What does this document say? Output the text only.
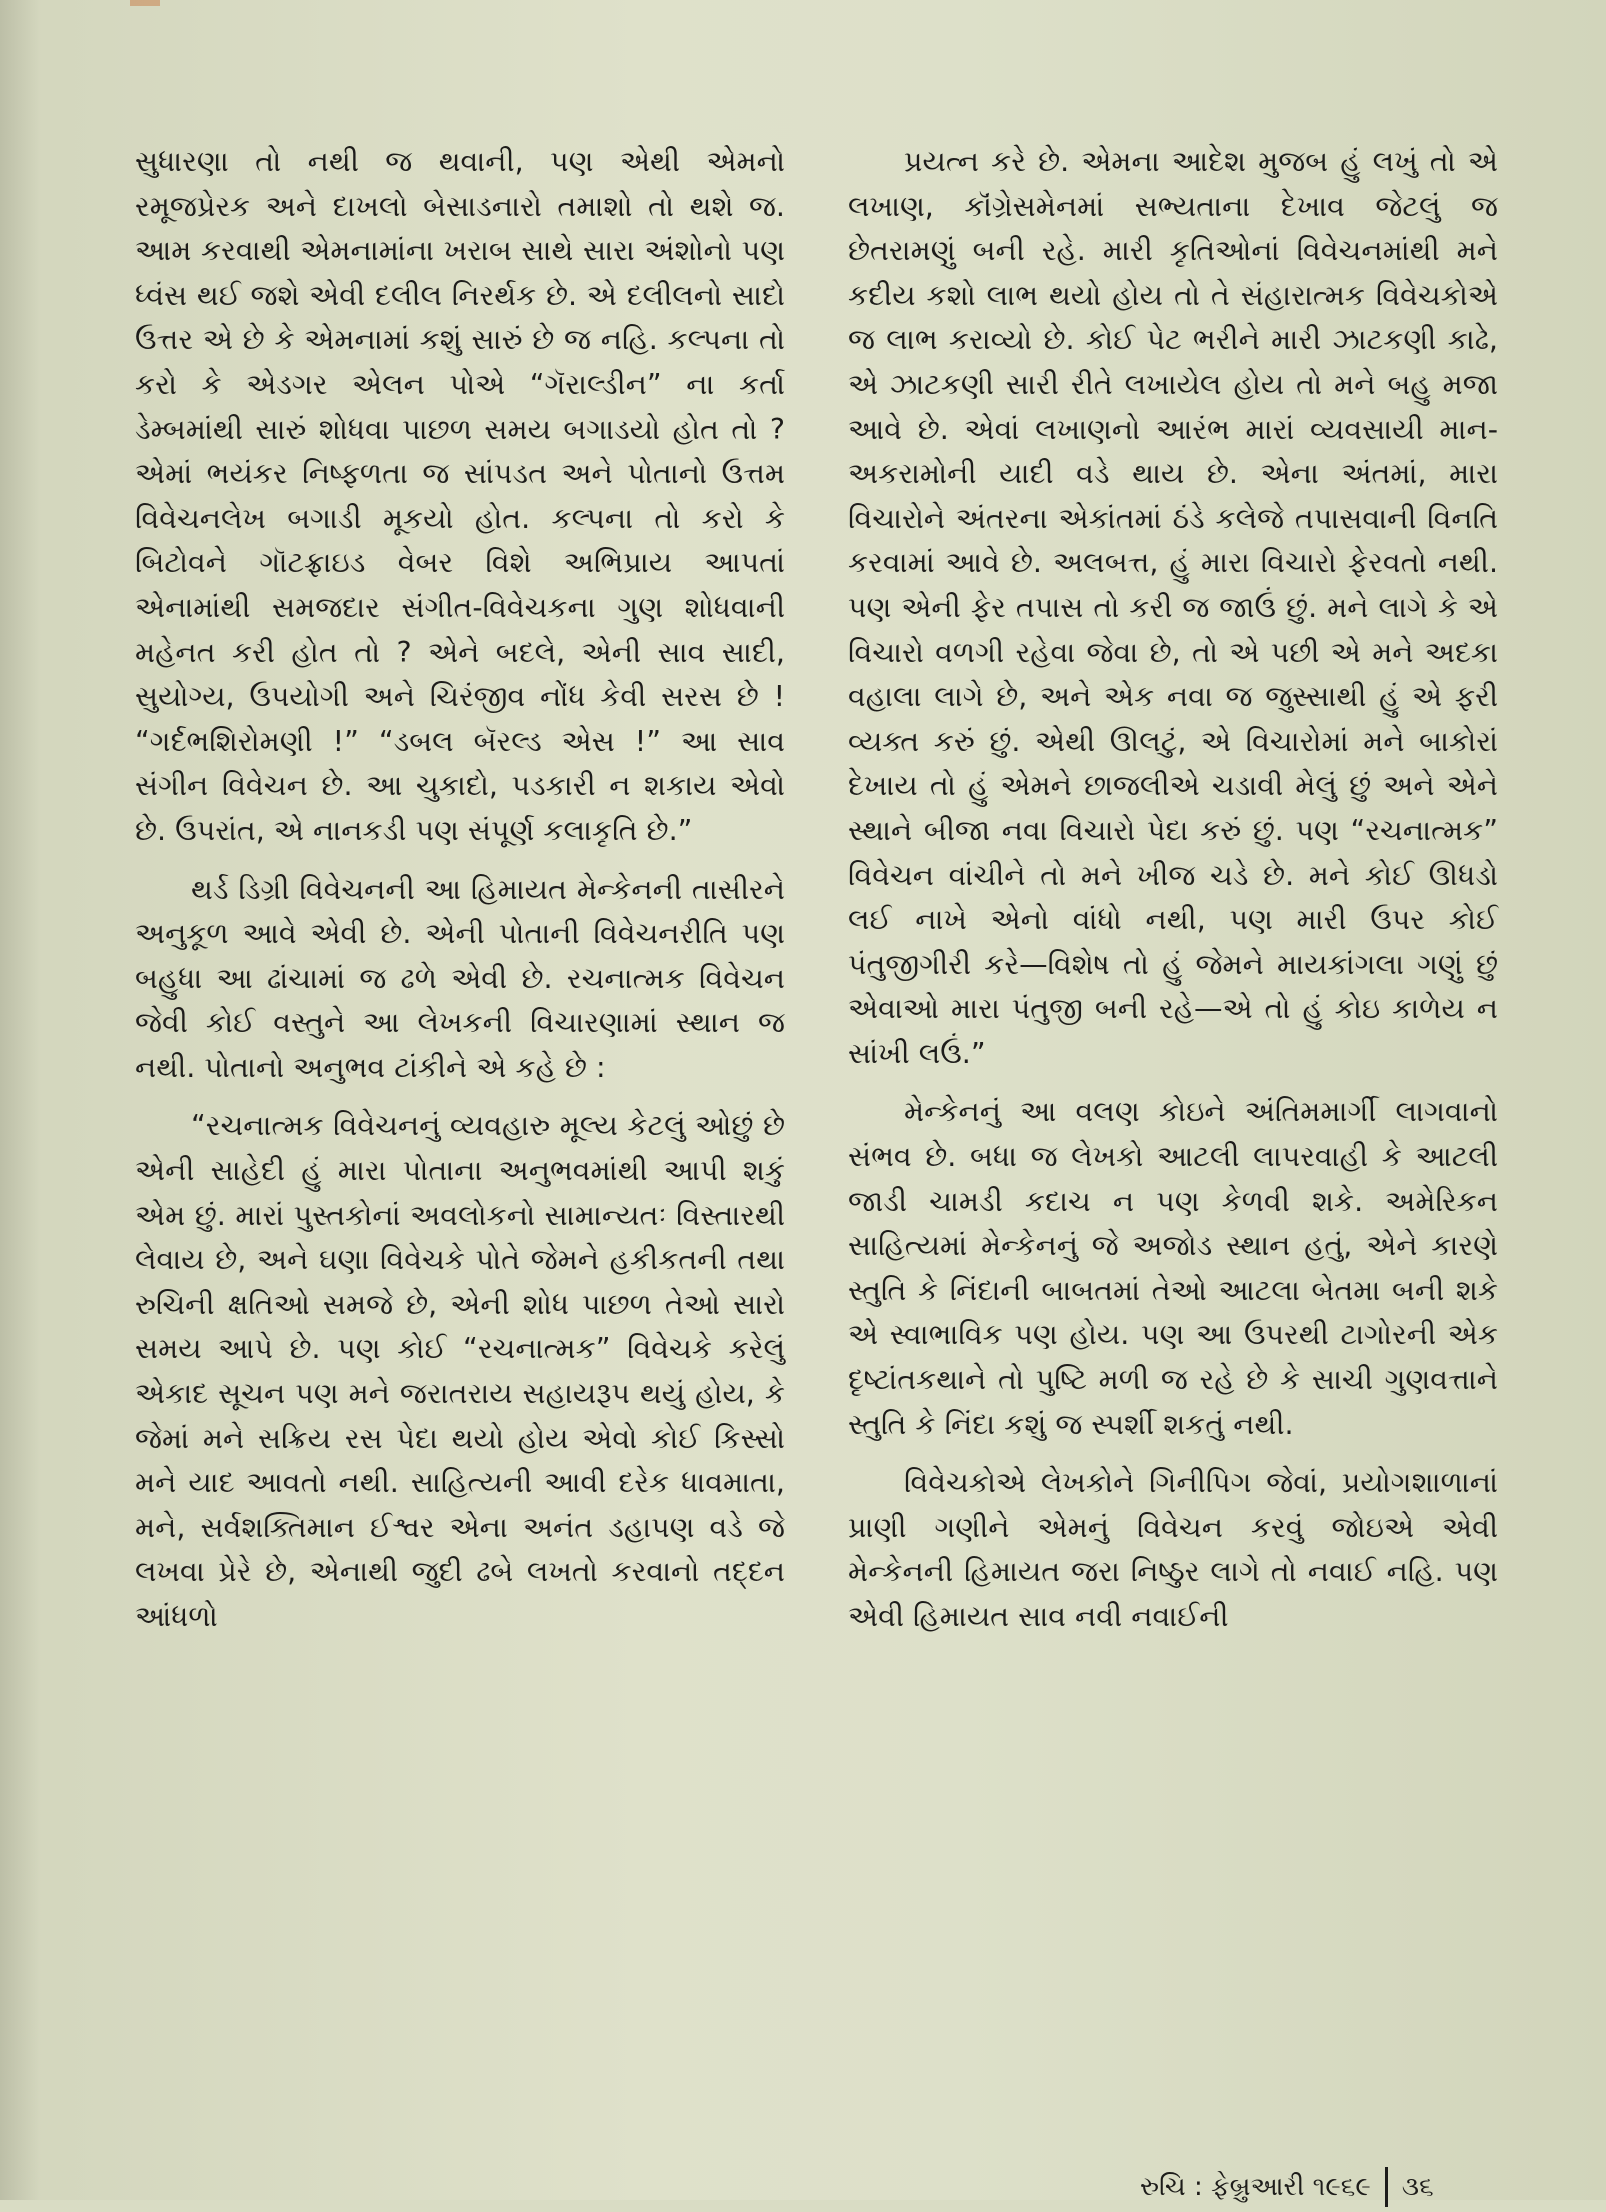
સુધારણા તો નથી જ થવાની, પણ એથી એમનો રમૂજપ્રેરક અને દાખલો બેસાડનારો તમાશો તો થશે જ. આમ કરવાથી એમનામાંના ખરાબ સાથે સારા અંશોનો પણ ધ્વંસ થઈ જશે એવી દલીલ નિરર્થક છે. એ દલીલનો સાદો ઉત્તર એ છે કે એમનામાં કશું સારું છે જ નહિ. કલ્પના તો કરો કે એડગર એલન પોએ “ગૅરાલ્ડીન” ના કર્તા ડેમ્બમાંથી સારું શોધવા પાછળ સમય બગાડયો હોત તો ? એમાં ભયંકર નિષ્ફળતા જ સાંપડત અને પોતાનો ઉત્તમ વિવેચનલેખ બગાડી મૂકયો હોત. કલ્પના તો કરો કે બિટોવને ગૉટફ્રાઇડ વેબર વિશે અભિપ્રાય આપતાં એનામાંથી સમજદાર સંગીત-વિવેચકના ગુણ શોધવાની મહેનત કરી હોત તો ? એને બદલે, એની સાવ સાદી, સુયોગ્ય, ઉપયોગી અને ચિરંજીવ નોંધ કેવી સરસ છે ! “ગર્દભશિરોમણી !” “ડબલ બૅરલ્ડ એસ !” આ સાવ સંગીન વિવેચન છે. આ ચુકાદો, પડકારી ન શકાય એવો છે. ઉપરાંત, એ નાનકડી પણ સંપૂર્ણ કલાકૃતિ છે.”

થર્ડ ડિગ્રી વિવેચનની આ હિમાયત મેન્કેનની તાસીરને અનુકૂળ આવે એવી છે. એની પોતાની વિવેચનરીતિ પણ બહુધા આ ઢાંચામાં જ ઢળે એવી છે. રચનાત્મક વિવેચન જેવી કોઈ વસ્તુને આ લેખકની વિચારણામાં સ્થાન જ નથી. પોતાનો અનુભવ ટાંકીને એ કહે છે :

“રચનાત્મક વિવેચનનું વ્યવહારુ મૂલ્ય કેટલું ઓછું છે એની સાહેદી હું મારા પોતાના અનુભવમાંથી આપી શકું એમ છું. મારાં પુસ્તકોનાં અવલોકનો સામાન્યતઃ વિસ્તારથી લેવાય છે, અને ઘણા વિવેચકે પોતે જેમને હકીકતની તથા રુચિની ક્ષતિઓ સમજે છે, એની શોધ પાછળ તેઓ સારો સમય આપે છે. પણ કોઈ “રચનાત્મક” વિવેચકે કરેલું એકાદ સૂચન પણ મને જરાતરાય સહાયરૂપ થયું હોય, કે જેમાં મને સક્રિય રસ પેદા થયો હોય એવો કોઈ કિસ્સો મને યાદ આવતો નથી. સાહિત્યની આવી દરેક ધાવમાતા, મને, સર્વશક્તિમાન ઈશ્વર એના અનંત ડહાપણ વડે જે લખવા પ્રેરે છે, એનાથી જુદી ઢબે લખતો કરવાનો તદ્દન આંધળો

પ્રયત્ન કરે છે. એમના આદેશ મુજબ હું લખું તો એ લખાણ, કૉંગ્રેસમેનમાં સભ્યતાના દેખાવ જેટલું જ છેતરામણું બની રહે. મારી કૃતિઓનાં વિવેચનમાંથી મને કદીય કશો લાભ થયો હોય તો તે સંહારાત્મક વિવેચકોએ જ લાભ કરાવ્યો છે. કોઈ પેટ ભરીને મારી ઝાટકણી કાઢે, એ ઝાટકણી સારી રીતે લખાયેલ હોય તો મને બહુ મજા આવે છે. એવાં લખાણનો આરંભ મારાં વ્યવસાયી માન-અકરામોની યાદી વડે થાય છે. એના અંતમાં, મારા વિચારોને અંતરના એકાંતમાં ઠંડે કલેજે તપાસવાની વિનતિ કરવામાં આવે છે. અલબત્ત, હું મારા વિચારો ફેરવતો નથી. પણ એની ફેર તપાસ તો કરી જ જાઉં છું. મને લાગે કે એ વિચારો વળગી રહેવા જેવા છે, તો એ પછી એ મને અદકા વહાલા લાગે છે, અને એક નવા જ જુસ્સાથી હું એ ફરી વ્યક્ત કરું છું. એથી ઊલટું, એ વિચારોમાં મને બાકોરાં દેખાય તો હું એમને છાજલીએ ચડાવી મેલું છું અને એને સ્થાને બીજા નવા વિચારો પેદા કરું છું. પણ “રચનાત્મક” વિવેચન વાંચીને તો મને ખીજ ચડે છે. મને કોઈ ઊધડો લઈ નાખે એનો વાંધો નથી, પણ મારી ઉપર કોઈ પંતુજીગીરી કરે—વિશેષ તો હું જેમને માયકાંગલા ગણું છું એવાઓ મારા પંતુજી બની રહે—એ તો હું કોઇ કાળેય ન સાંખી લઉં.”

મેન્કેનનું આ વલણ કોઇને અંતિમમાર્ગી લાગવાનો સંભવ છે. બધા જ લેખકો આટલી લાપરવાહી કે આટલી જાડી ચામડી કદાચ ન પણ કેળવી શકે. અમેરિકન સાહિત્યમાં મેન્કેનનું જે અજોડ સ્થાન હતું, એને કારણે સ્તુતિ કે નિંદાની બાબતમાં તેઓ આટલા બેતમા બની શકે એ સ્વાભાવિક પણ હોય. પણ આ ઉપરથી ટાગોરની એક દૃષ્ટાંતકથાને તો પુષ્ટિ મળી જ રહે છે કે સાચી ગુણવત્તાને સ્તુતિ કે નિંદા કશું જ સ્પર્શી શકતું નથી.

વિવેચકોએ લેખકોને ગિનીપિગ જેવાં, પ્રયોગશાળાનાં પ્રાણી ગણીને એમનું વિવેચન કરવું જોઇએ એવી મેન્કેનની હિમાયત જરા નિષ્ઠુર લાગે તો નવાઈ નહિ. પણ એવી હિમાયત સાવ નવી નવાઈની

રુચિ : ફેબ્રુઆરી ૧૯૬૯ ૩૬
